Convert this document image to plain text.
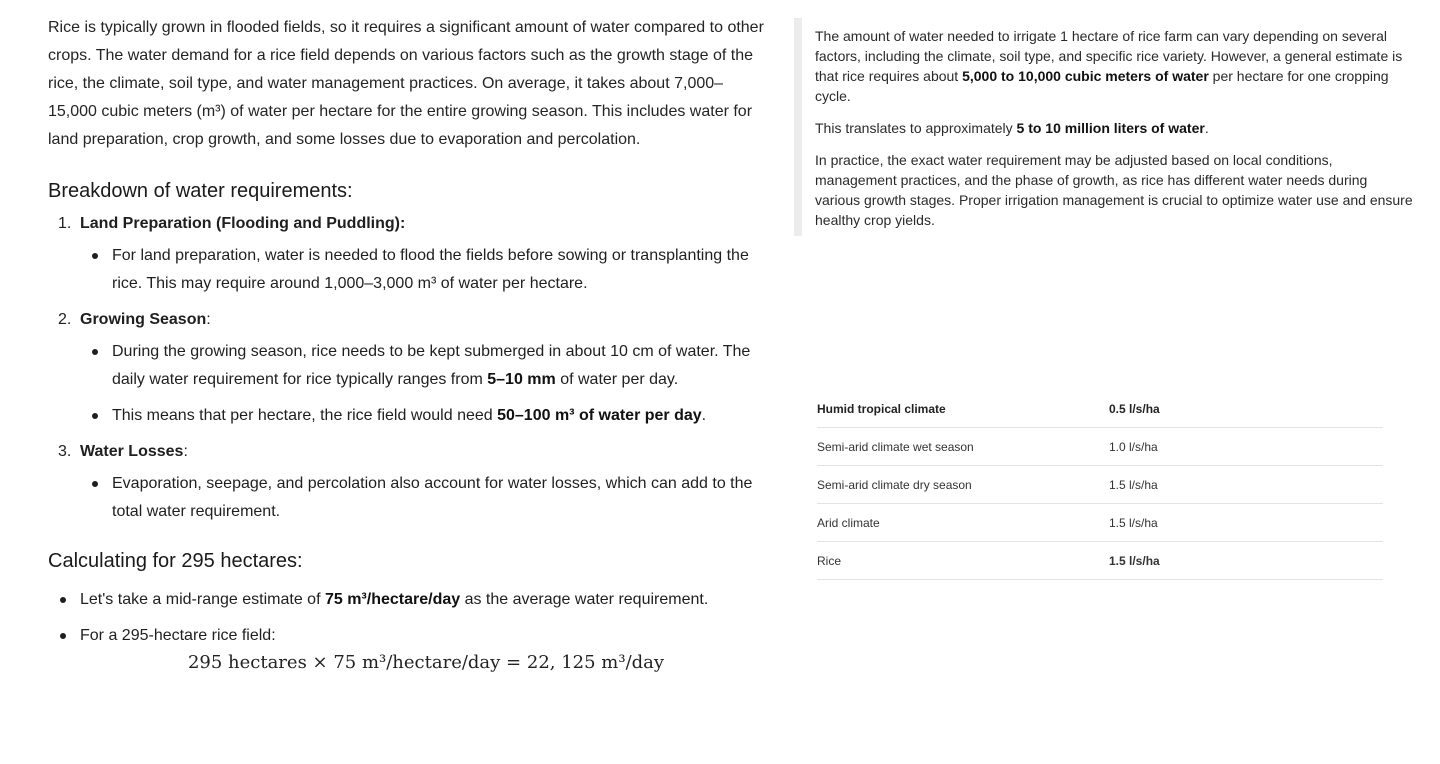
Rice is typically grown in flooded fields, so it requires a significant amount of water compared to other crops. The water demand for a rice field depends on various factors such as the growth stage of the rice, the climate, soil type, and water management practices. On average, it takes about 7,000–15,000 cubic meters (m³) of water per hectare for the entire growing season. This includes water for land preparation, crop growth, and some losses due to evaporation and percolation.

Breakdown of water requirements:
1. Land Preparation (Flooding and Puddling):
For land preparation, water is needed to flood the fields before sowing or transplanting the rice. This may require around 1,000–3,000 m³ of water per hectare.
2. Growing Season:
During the growing season, rice needs to be kept submerged in about 10 cm of water. The daily water requirement for rice typically ranges from 5–10 mm of water per day.
This means that per hectare, the rice field would need 50–100 m³ of water per day.
3. Water Losses:
Evaporation, seepage, and percolation also account for water losses, which can add to the total water requirement.
Calculating for 295 hectares:
Let's take a mid-range estimate of 75 m³/hectare/day as the average water requirement.
For a 295-hectare rice field:
295 hectares × 75 m³/hectare/day = 22, 125 m³/day

The amount of water needed to irrigate 1 hectare of rice farm can vary depending on several factors, including the climate, soil type, and specific rice variety. However, a general estimate is that rice requires about 5,000 to 10,000 cubic meters of water per hectare for one cropping cycle.

This translates to approximately 5 to 10 million liters of water.

In practice, the exact water requirement may be adjusted based on local conditions, management practices, and the phase of growth, as rice has different water needs during various growth stages. Proper irrigation management is crucial to optimize water use and ensure healthy crop yields.

Humid tropical climate	0.5 l/s/ha
Semi-arid climate wet season	1.0 l/s/ha
Semi-arid climate dry season	1.5 l/s/ha
Arid climate	1.5 l/s/ha
Rice	1.5 l/s/ha
